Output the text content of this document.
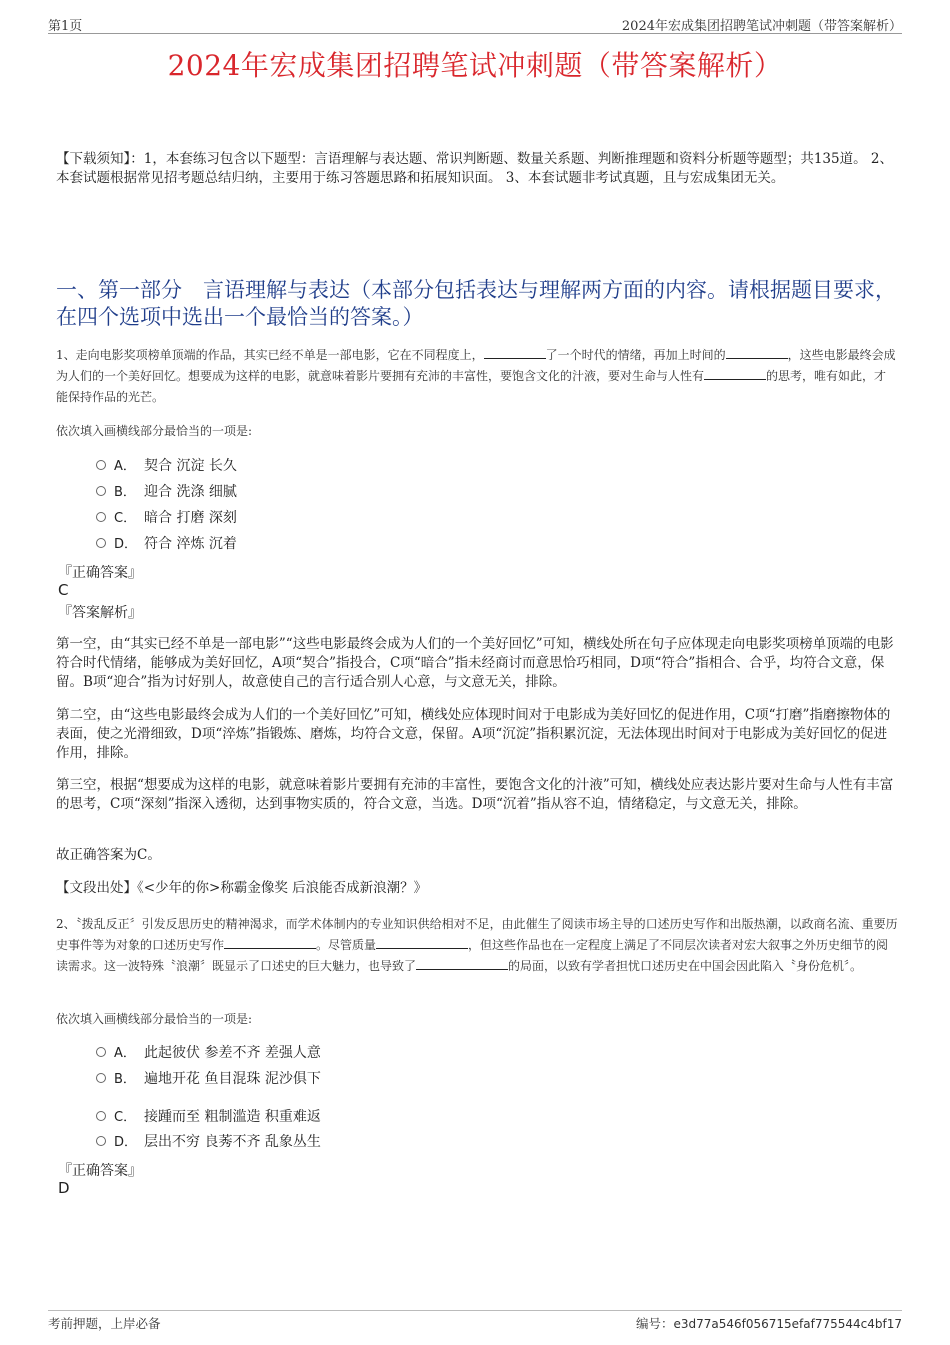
第1页	2024年宏成集团招聘笔试冲刺题（带答案解析）
2024年宏成集团招聘笔试冲刺题（带答案解析）
【下载须知】：1，本套练习包含以下题型：言语理解与表达题、常识判断题、数量关系题、判断推理题和资料分析题等题型；共135道。 2、本套试题根据常见招考题总结归纳，主要用于练习答题思路和拓展知识面。 3、本套试题非考试真题，且与宏成集团无关。
一、第一部分　言语理解与表达（本部分包括表达与理解两方面的内容。请根据题目要求，在四个选项中选出一个最恰当的答案。）
1、走向电影奖项榜单顶端的作品，其实已经不单是一部电影，它在不同程度上，	了一个时代的情绪，再加上时间的	，这些电影最终会成为人们的一个美好回忆。想要成为这样的电影，就意味着影片要拥有充沛的丰富性，要饱含文化的汁液，要对生命与人性有	的思考，唯有如此，才能保持作品的光芒。
依次填入画横线部分最恰当的一项是:
A． 契合 沉淀 长久
B． 迎合 洗涤 细腻
C． 暗合 打磨 深刻
D． 符合 淬炼 沉着
『正确答案』
C
『答案解析』
第一空，由“其实已经不单是一部电影”“这些电影最终会成为人们的一个美好回忆”可知，横线处所在句子应体现走向电影奖项榜单顶端的电影符合时代情绪，能够成为美好回忆，A项“契合”指投合，C项“暗合”指未经商讨而意思恰巧相同，D项“符合”指相合、合乎，均符合文意，保留。B项“迎合”指为讨好别人，故意使自己的言行适合别人心意，与文意无关，排除。
第二空，由“这些电影最终会成为人们的一个美好回忆”可知，横线处应体现时间对于电影成为美好回忆的促进作用，C项“打磨”指磨擦物体的表面，使之光滑细致，D项“淬炼”指锻炼、磨炼，均符合文意，保留。A项“沉淀”指积累沉淀，无法体现出时间对于电影成为美好回忆的促进作用，排除。
第三空，根据“想要成为这样的电影，就意味着影片要拥有充沛的丰富性，要饱含文化的汁液”可知，横线处应表达影片要对生命与人性有丰富的思考，C项“深刻”指深入透彻，达到事物实质的，符合文意，当选。D项“沉着”指从容不迫，情绪稳定，与文意无关，排除。
故正确答案为C。
【文段出处】《<少年的你>称霸金像奖 后浪能否成新浪潮？》
2、〝拨乱反正〞引发反思历史的精神渴求，而学术体制内的专业知识供给相对不足，由此催生了阅读市场主导的口述历史写作和出版热潮，以政商名流、重要历史事件等为对象的口述历史写作	。尽管质量	，但这些作品也在一定程度上满足了不同层次读者对宏大叙事之外历史细节的阅读需求。这一波特殊〝浪潮〞既显示了口述史的巨大魅力，也导致了	的局面，以致有学者担忧口述历史在中国会因此陷入〝身份危机〞。
依次填入画横线部分最恰当的一项是:
A． 此起彼伏 参差不齐 差强人意
B． 遍地开花 鱼目混珠 泥沙俱下
C． 接踵而至 粗制滥造 积重难返
D． 层出不穷 良莠不齐 乱象丛生
『正确答案』
D
考前押题，上岸必备	编号：e3d77a546f056715efaf775544c4bf17
